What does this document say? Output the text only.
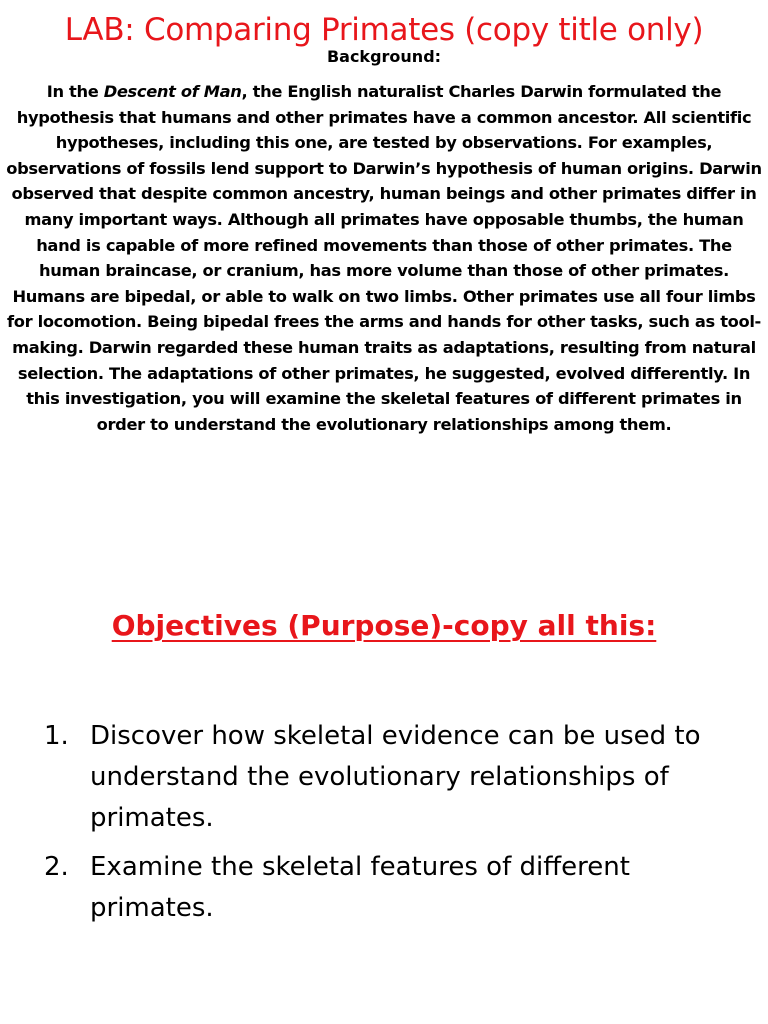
LAB: Comparing Primates (copy title only)
Background:
In the Descent of Man, the English naturalist Charles Darwin formulated the hypothesis that humans and other primates have a common ancestor. All scientific hypotheses, including this one, are tested by observations. For examples, observations of fossils lend support to Darwin’s hypothesis of human origins. Darwin observed that despite common ancestry, human beings and other primates differ in many important ways. Although all primates have opposable thumbs, the human hand is capable of more refined movements than those of other primates. The human braincase, or cranium, has more volume than those of other primates. Humans are bipedal, or able to walk on two limbs. Other primates use all four limbs for locomotion. Being bipedal frees the arms and hands for other tasks, such as tool-making. Darwin regarded these human traits as adaptations, resulting from natural selection. The adaptations of other primates, he suggested, evolved differently. In this investigation, you will examine the skeletal features of different primates in order to understand the evolutionary relationships among them.
Objectives (Purpose)-copy all this:
1. Discover how skeletal evidence can be used to understand the evolutionary relationships of primates.
2. Examine the skeletal features of different primates.
